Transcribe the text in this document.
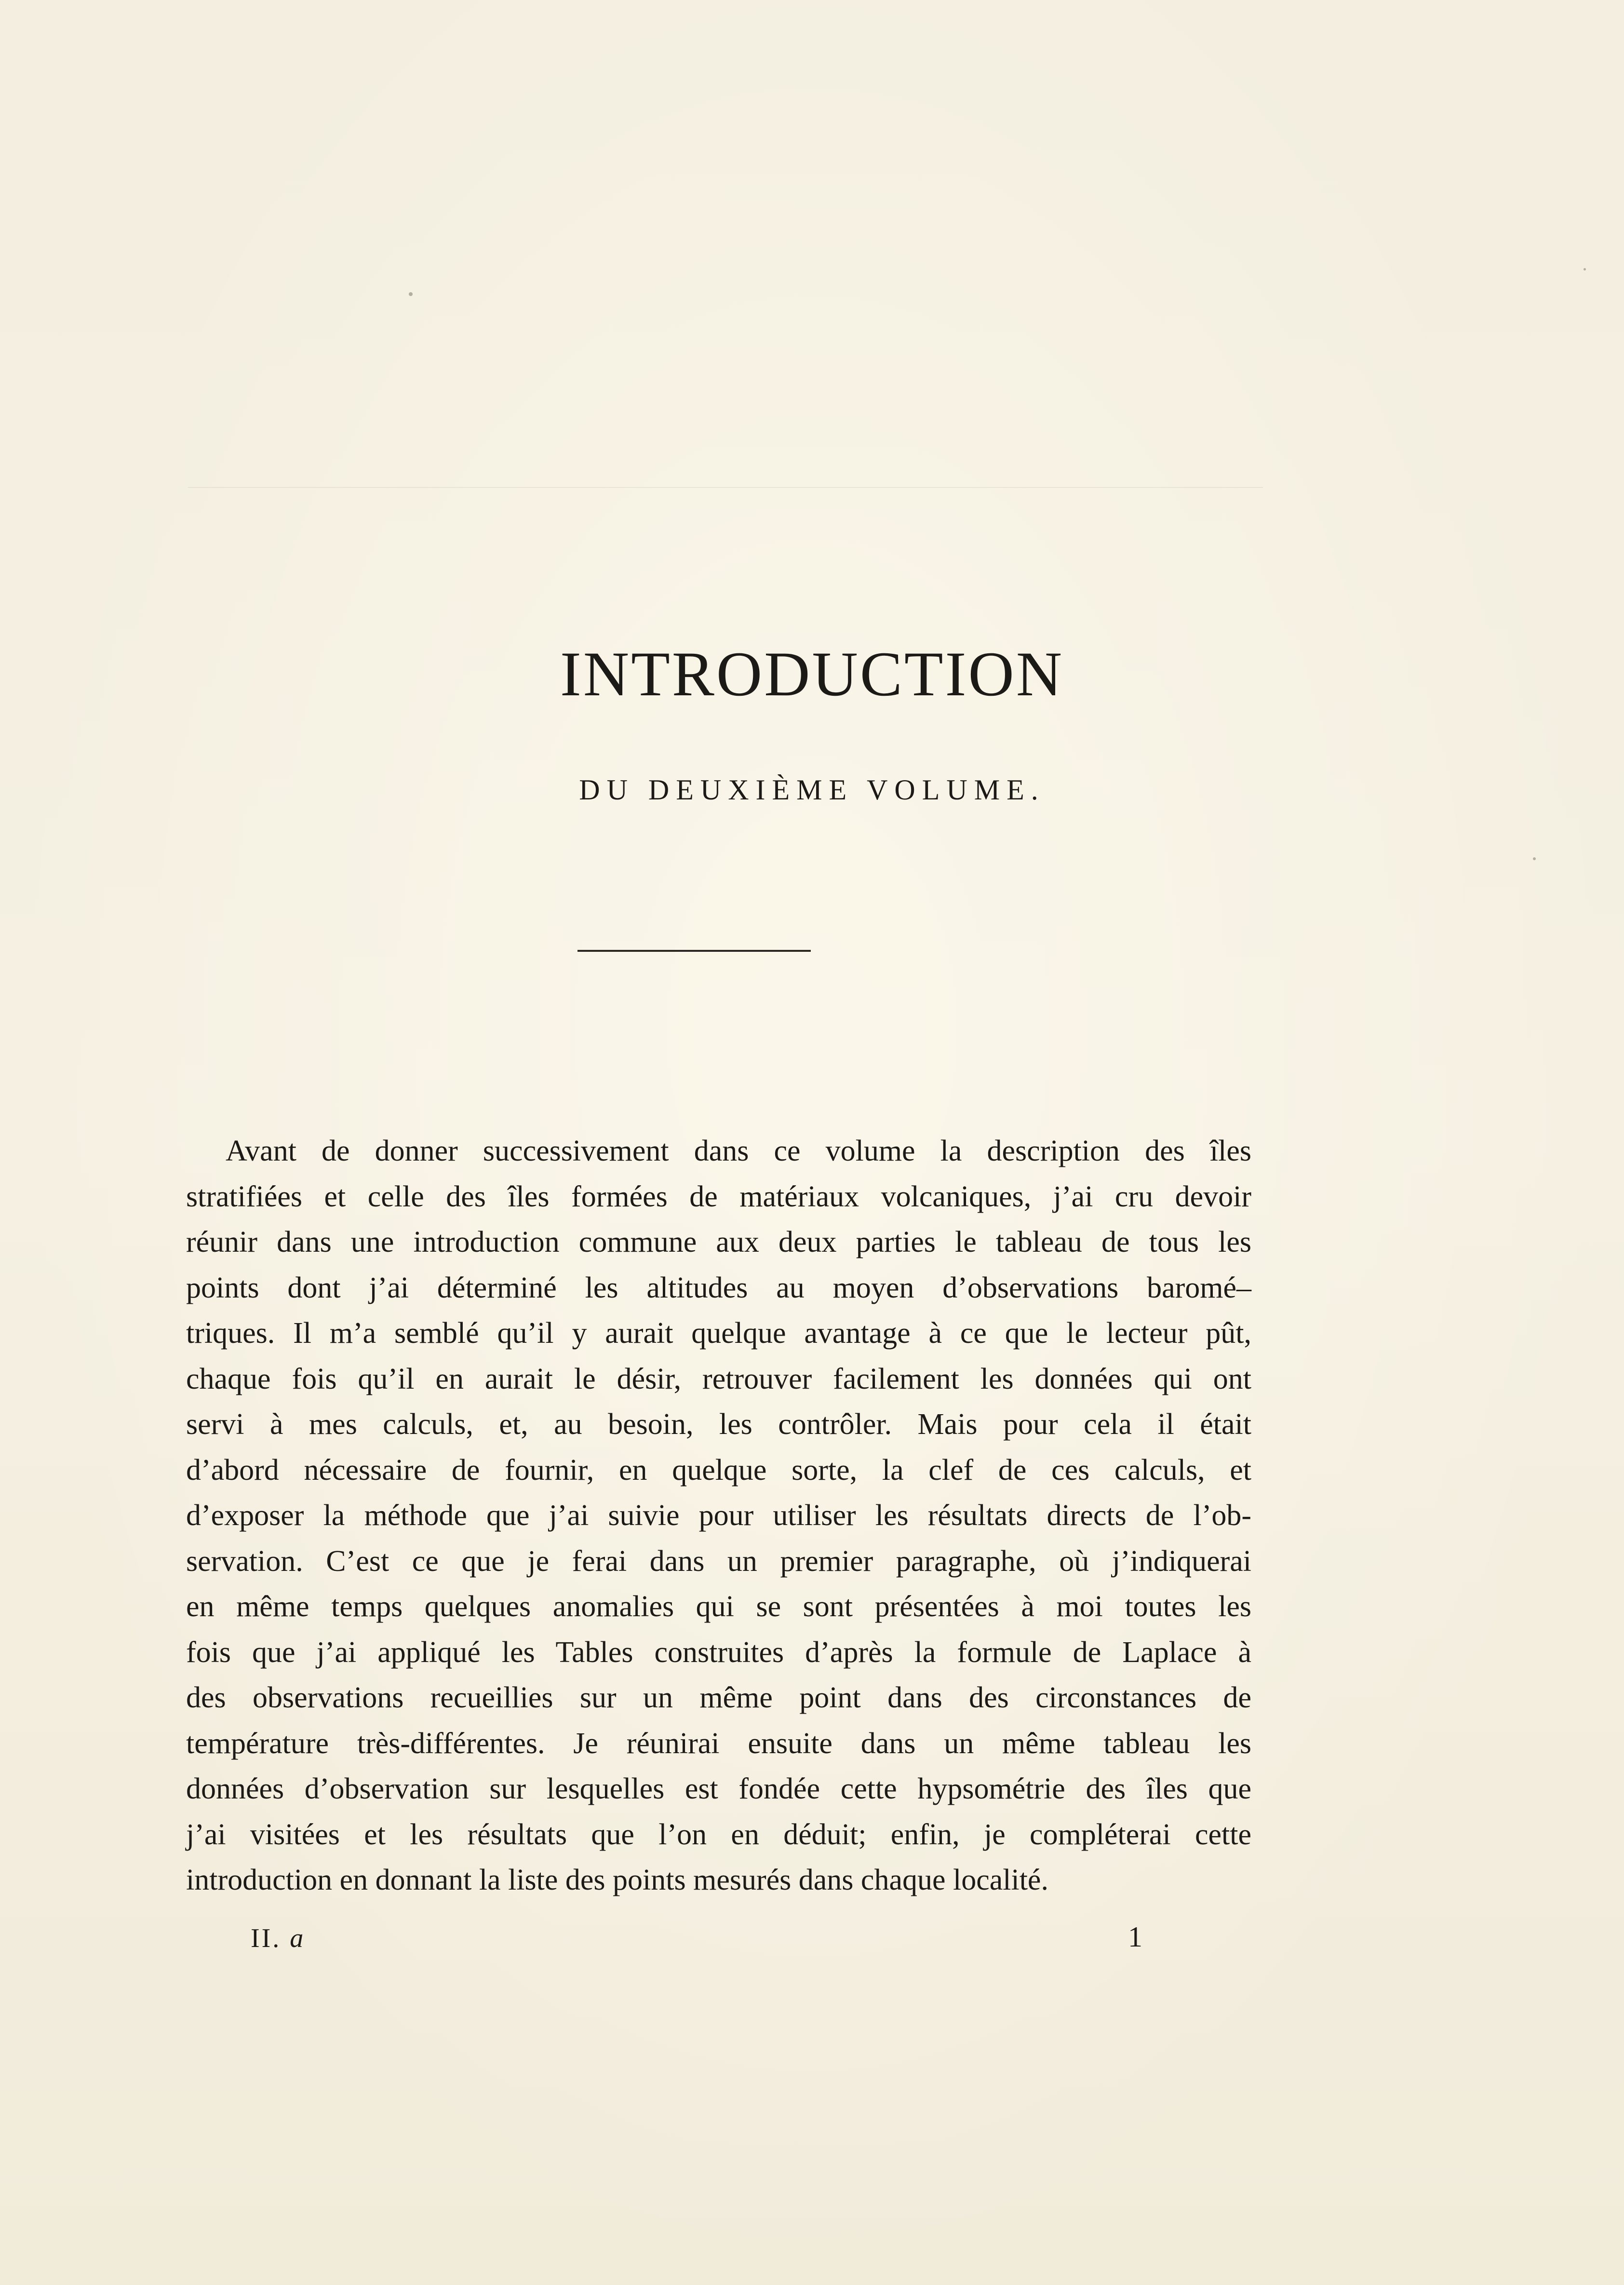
INTRODUCTION
DU DEUXIÈME VOLUME.

Avant de donner successivement dans ce volume la description des îles
stratifiées et celle des îles formées de matériaux volcaniques, j’ai cru devoir
réunir dans une introduction commune aux deux parties le tableau de tous les
points dont j’ai déterminé les altitudes au moyen d’observations baromé–
triques. Il m’a semblé qu’il y aurait quelque avantage à ce que le lecteur pût,
chaque fois qu’il en aurait le désir, retrouver facilement les données qui ont
servi à mes calculs, et, au besoin, les contrôler. Mais pour cela il était
d’abord nécessaire de fournir, en quelque sorte, la clef de ces calculs, et
d’exposer la méthode que j’ai suivie pour utiliser les résultats directs de l’ob-
servation. C’est ce que je ferai dans un premier paragraphe, où j’indiquerai
en même temps quelques anomalies qui se sont présentées à moi toutes les
fois que j’ai appliqué les Tables construites d’après la formule de Laplace à
des observations recueillies sur un même point dans des circonstances de
température très-différentes. Je réunirai ensuite dans un même tableau les
données d’observation sur lesquelles est fondée cette hypsométrie des îles que
j’ai visitées et les résultats que l’on en déduit; enfin, je compléterai cette
introduction en donnant la liste des points mesurés dans chaque localité.

II. a	1
